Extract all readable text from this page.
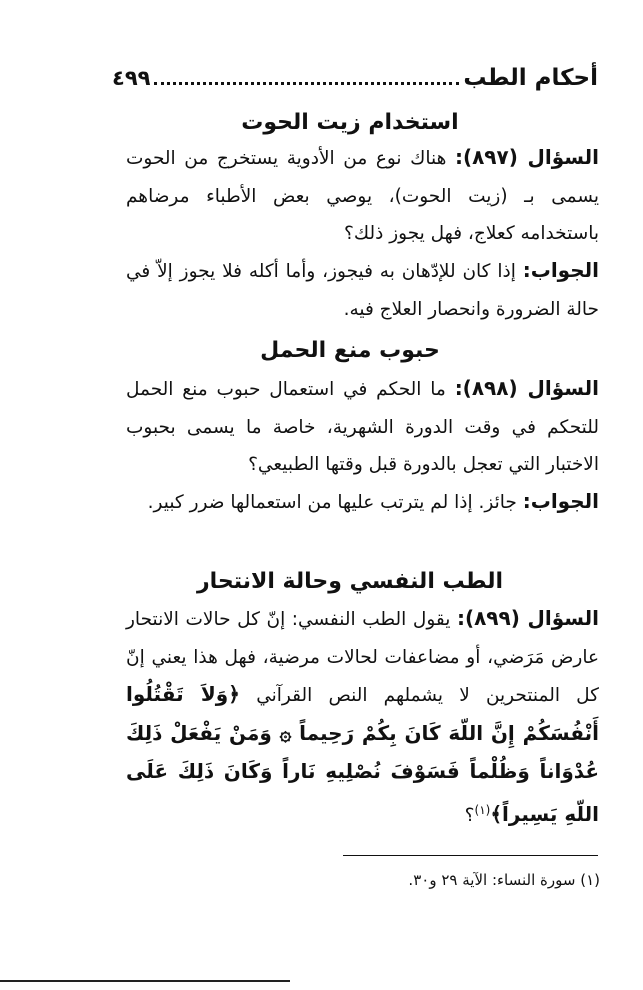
أحكام الطب
٤٩٩
استخدام زيت الحوت

السؤال (٨٩٧): هناك نوع من الأدوية يستخرج من الحوت يسمى بـ (زيت الحوت)، يوصي بعض الأطباء مرضاهم باستخدامه كعلاج، فهل يجوز ذلك؟

الجواب: إذا كان للإدّهان به فيجوز، وأما أكله فلا يجوز إلاّ في حالة الضرورة وانحصار العلاج فيه.

حبوب منع الحمل

السؤال (٨٩٨): ما الحكم في استعمال حبوب منع الحمل للتحكم في وقت الدورة الشهرية، خاصة ما يسمى بحبوب الاختبار التي تعجل بالدورة قبل وقتها الطبيعي؟

الجواب: جائز. إذا لم يترتب عليها من استعمالها ضرر كبير.

الطب النفسي وحالة الانتحار

السؤال (٨٩٩): يقول الطب النفسي: إنّ كل حالات الانتحار عارض مَرَضي، أو مضاعفات لحالات مرضية، فهل هذا يعني إنّ كل المنتحرين لا يشملهم النص القرآني ﴿وَلاَ تَقْتُلُوا أَنْفُسَكُمْ إِنَّ اللّهَ كَانَ بِكُمْ رَحِيماً ۞ وَمَنْ يَفْعَلْ ذَلِكَ عُدْوَاناً وَظُلْماً فَسَوْفَ نُصْلِيهِ نَاراً وَكَانَ ذَلِكَ عَلَى اللّهِ يَسِيراً﴾$^{(١)}$؟

(١) سورة النساء: الآية ٢٩ و٣٠.
